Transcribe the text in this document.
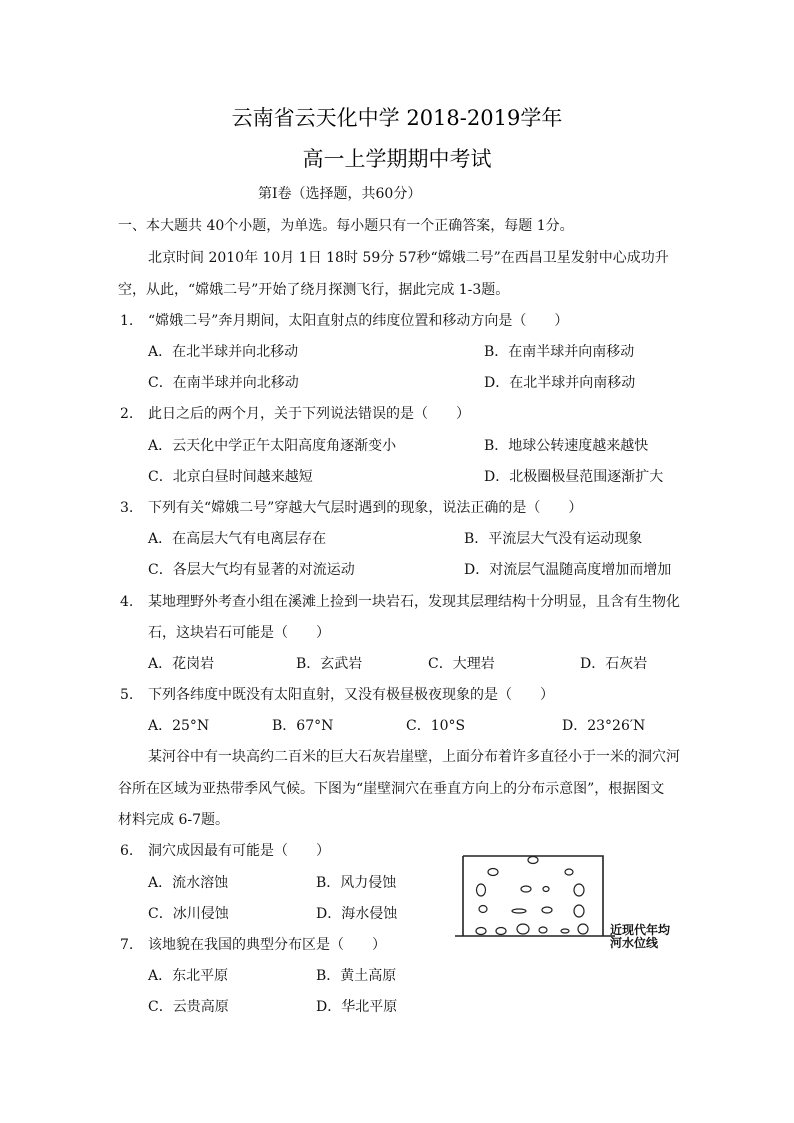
云南省云天化中学 2018-2019学年
高一上学期期中考试
第Ⅰ卷（选择题，共60分）
一、本大题共 40个小题，为单选。每小题只有一个正确答案，每题 1分。
北京时间 2010年 10月 1日 18时 59分 57秒“嫦娥二号”在西昌卫星发射中心成功升
空，从此，“嫦娥二号”开始了绕月探测飞行，据此完成 1-3题。
1. “嫦娥二号”奔月期间，太阳直射点的纬度位置和移动方向是（　　）
A．在北半球并向北移动	B．在南半球并向南移动
C．在南半球并向北移动	D．在北半球并向南移动
2. 此日之后的两个月，关于下列说法错误的是（　　）
A．云天化中学正午太阳高度角逐渐变小	B．地球公转速度越来越快
C．北京白昼时间越来越短	D．北极圈极昼范围逐渐扩大
3. 下列有关“嫦娥二号”穿越大气层时遇到的现象，说法正确的是（　　）
A．在高层大气有电离层存在	B．平流层大气没有运动现象
C．各层大气均有显著的对流运动	D．对流层气温随高度增加而增加
4. 某地理野外考查小组在溪滩上捡到一块岩石，发现其层理结构十分明显，且含有生物化
石，这块岩石可能是（　　）
A．花岗岩	B．玄武岩	C．大理岩	D．石灰岩
5. 下列各纬度中既没有太阳直射，又没有极昼极夜现象的是（　　）
A．25°N	B．67°N	C．10°S	D．23°26′N
某河谷中有一块高约二百米的巨大石灰岩崖壁，上面分布着许多直径小于一米的洞穴河
谷所在区域为亚热带季风气候。下图为“崖壁洞穴在垂直方向上的分布示意图”，根据图文
材料完成 6-7题。
6. 洞穴成因最有可能是（　　）
A．流水溶蚀	B．风力侵蚀
C．冰川侵蚀	D．海水侵蚀
7. 该地貌在我国的典型分布区是（　　）
A．东北平原	B．黄土高原
C．云贵高原	D．华北平原
近现代年均
河水位线
